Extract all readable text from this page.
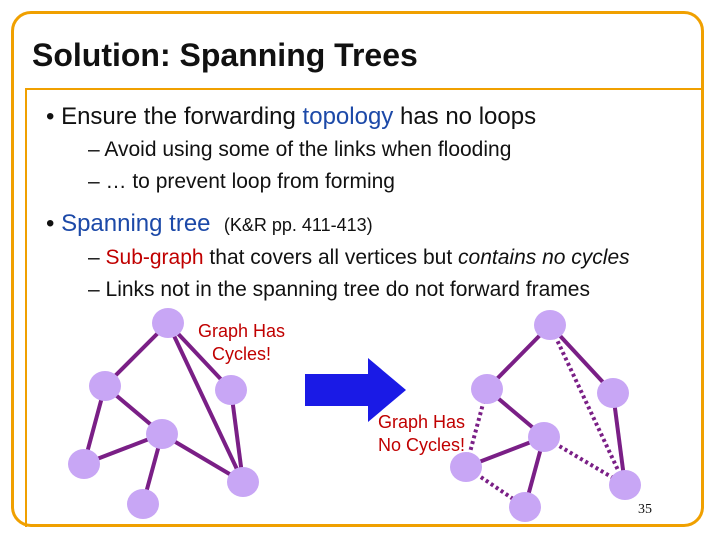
Solution: Spanning Trees
• Ensure the forwarding topology has no loops
– Avoid using some of the links when flooding
– … to prevent loop from forming
• Spanning tree (K&R pp. 411-413)
– Sub-graph that covers all vertices but contains no cycles
– Links not in the spanning tree do not forward frames
Graph Has
Cycles!
Graph Has
No Cycles!
35
